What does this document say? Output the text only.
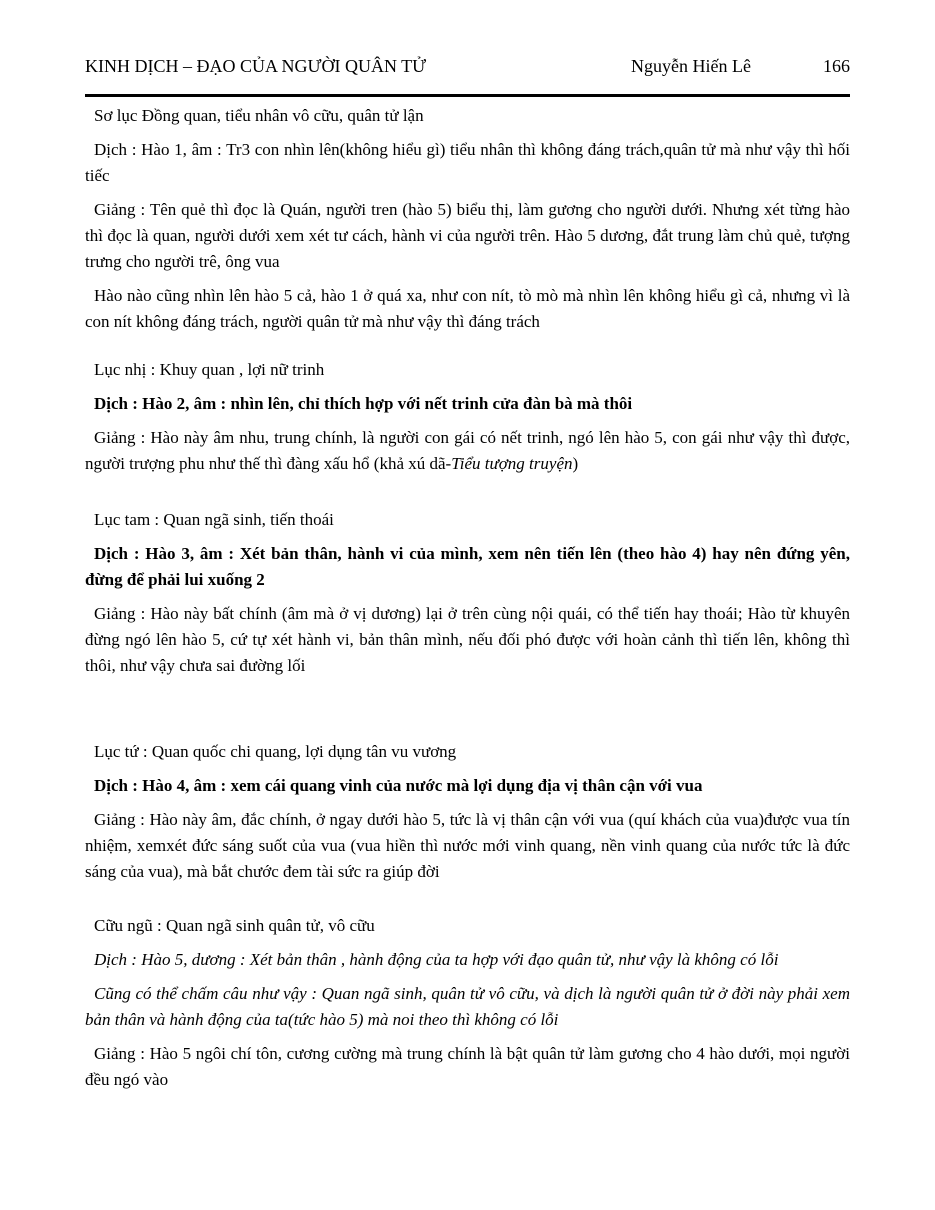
KINH DỊCH – ĐẠO CỦA NGƯỜI QUÂN TỬ	Nguyễn Hiến Lê	166

Sơ lục Đồng quan, tiểu nhân vô cữu, quân tử lận

Dịch : Hào 1, âm : Tr3 con nhìn lên(không hiểu gì) tiểu nhân thì không đáng trách,quân tử mà như vậy thì hối tiếc

Giảng : Tên quẻ thì đọc là Quán, người tren (hào 5) biểu thị, làm gương cho người dưới. Nhưng xét từng hào thì đọc là quan, người dưới xem xét tư cách, hành vi của người trên. Hào 5 dương, đắt trung làm chủ quẻ, tượng trưng cho người trê, ông vua

Hào nào cũng nhìn lên hào 5 cả, hào 1 ở quá xa, như con nít, tò mò mà nhìn lên không hiểu gì cả, nhưng vì là con nít không đáng trách, người quân tử mà như vậy thì đáng trách

Lục nhị : Khuy quan , lợi nữ trinh

Dịch : Hào 2, âm : nhìn lên, chỉ thích hợp với nết trinh cửa đàn bà mà thôi

Giảng : Hào này âm nhu, trung chính, là người con gái có nết trinh, ngó lên hào 5, con gái như vậy thì được, người trượng phu như thế thì đàng xấu hổ (khả xú dã-Tiểu tượng truyện)

Lục tam : Quan ngã sinh, tiến thoái

Dịch : Hào 3, âm : Xét bản thân, hành vi của mình, xem nên tiến lên (theo hào 4) hay nên đứng yên, đừng để phải lui xuống 2

Giảng : Hào này bất chính (âm mà ở vị dương) lại ở trên cùng nội quái, có thể tiến hay thoái; Hào từ khuyên đừng ngó lên hào 5, cứ tự xét hành vi, bản thân mình, nếu đối phó được với hoàn cảnh thì tiến lên, không thì thôi, như vậy chưa sai đường lối

Lục tứ : Quan quốc chi quang, lợi dụng tân vu vương

Dịch : Hào 4, âm : xem cái quang vinh của nước mà lợi dụng địa vị thân cận với vua

Giảng : Hào này âm, đắc chính, ở ngay dưới hào 5, tức là vị thân cận với vua (quí khách của vua)được vua tín nhiệm, xemxét đức sáng suốt của vua (vua hiền thì nước mới vinh quang, nền vinh quang của nước tức là đức sáng của vua), mà bắt chước đem tài sức ra giúp đời

Cữu ngũ : Quan ngã sinh quân tử, vô cữu

Dịch : Hào 5, dương : Xét bản thân , hành động của ta hợp với đạo quân tử, như vậy là không có lỗi

Cũng có thể chấm câu như vậy : Quan ngã sinh, quân tử vô cữu, và dịch là người quân tử ở đời này phải xem bản thân và hành động của ta(tức hào 5) mà noi theo thì không có lỗi

Giảng : Hào 5 ngôi chí tôn, cương cường mà trung chính là bật quân tử làm gương cho 4 hào dưới, mọi người đều ngó vào
